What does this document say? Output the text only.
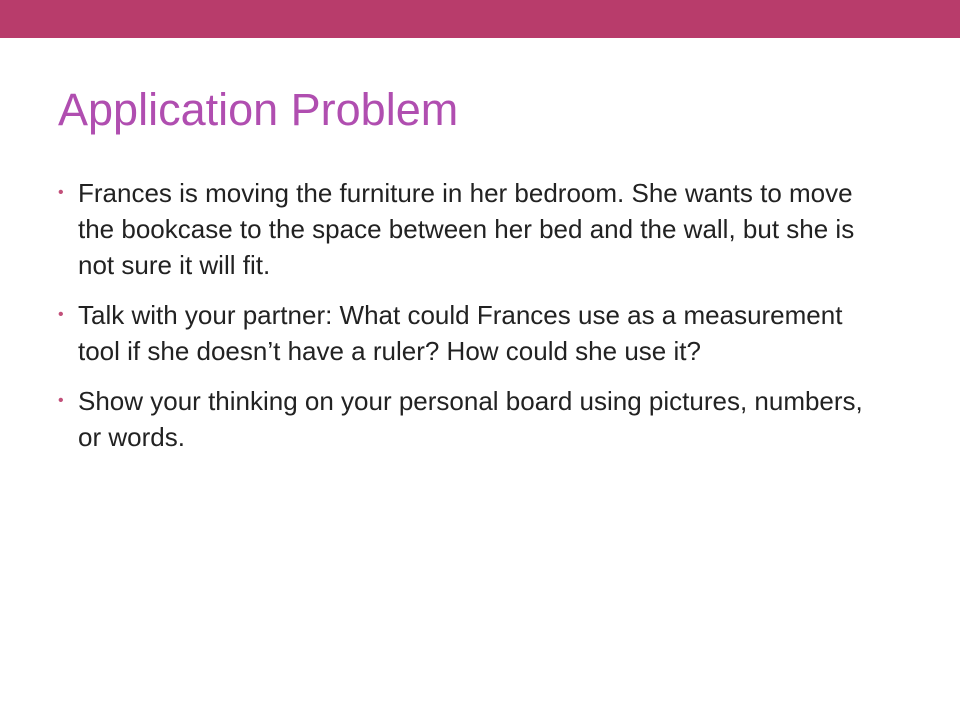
Application Problem
• Frances is moving the furniture in her bedroom. She wants to move the bookcase to the space between her bed and the wall, but she is not sure it will fit.
• Talk with your partner: What could Frances use as a measurement tool if she doesn’t have a ruler? How could she use it?
• Show your thinking on your personal board using pictures, numbers, or words.
